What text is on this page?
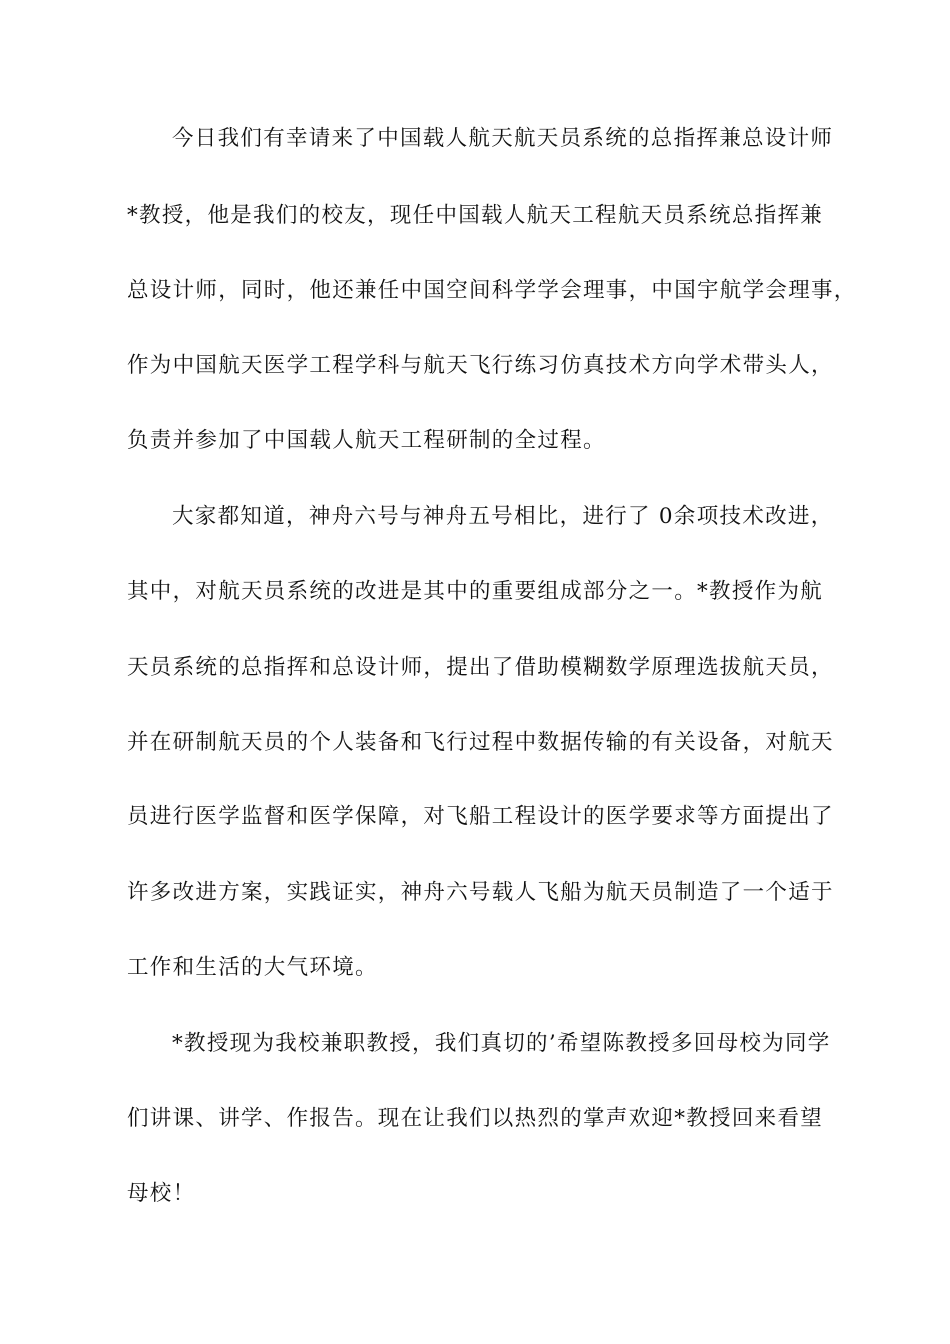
今日我们有幸请来了中国载人航天航天员系统的总指挥兼总设计师
*教授，他是我们的校友，现任中国载人航天工程航天员系统总指挥兼
总设计师，同时，他还兼任中国空间科学学会理事，中国宇航学会理事，
作为中国航天医学工程学科与航天飞行练习仿真技术方向学术带头人，
负责并参加了中国载人航天工程研制的全过程。
大家都知道，神舟六号与神舟五号相比，进行了 0余项技术改进，
其中，对航天员系统的改进是其中的重要组成部分之一。*教授作为航
天员系统的总指挥和总设计师，提出了借助模糊数学原理选拔航天员，
并在研制航天员的个人装备和飞行过程中数据传输的有关设备，对航天
员进行医学监督和医学保障，对飞船工程设计的医学要求等方面提出了
许多改进方案，实践证实，神舟六号载人飞船为航天员制造了一个适于
工作和生活的大气环境。
*教授现为我校兼职教授，我们真切的’希望陈教授多回母校为同学
们讲课、讲学、作报告。现在让我们以热烈的掌声欢迎*教授回来看望
母校！
